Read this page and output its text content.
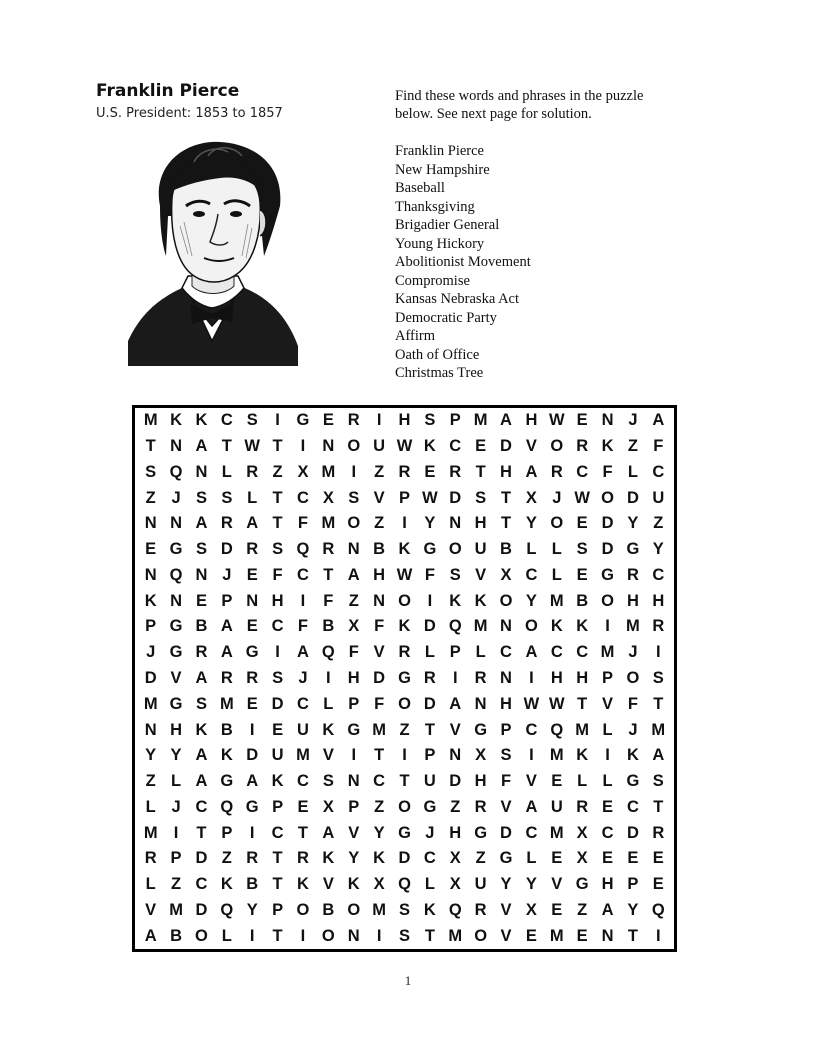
Franklin Pierce
U.S. President: 1853 to 1857
Find these words and phrases in the puzzle
below. See next page for solution.
Franklin Pierce
New Hampshire
Baseball
Thanksgiving
Brigadier General
Young Hickory
Abolitionist Movement
Compromise
Kansas Nebraska Act
Democratic Party
Affirm
Oath of Office
Christmas Tree
M K K C S	I	G E R	I	H S P M A H W E N J A
T N A T W T	I	N O U W K C E D V O R K Z F
S Q N L R Z X M I	Z R E R T H A R C F L C
Z J S S L T C X S V P W D S T X J W O D U
N N A R A T F M O Z	I	Y N H T Y O E D Y Z
E G S D R S Q R N B K G O U B L L S D G Y
N Q N J E F C T A H W F S V X C L E G R C
K N E P N H	I	F Z N O	I	K K O Y M B O H H
P G B A E C F B X F K D Q M N O K K	I M R
J G R A G	I	A Q F V R L P L C A C C M J	I
D V A R R S J	I	H D G R	I	R N	I	H H P O S
M G S M E D C L P F O D A N H W W T V F T
N H K B	I	E U K G M Z T V G P C Q M L J M
Y Y A K D U M V	I	T	I	P N X S	I M K	I	K A
Z L A G A K C S N C T U D H F V E L L G S
L J C Q G P E X P Z O G Z R V A U R E C T
M I	T P	I	C T A V Y G J H G D C M X C D R
R P D Z R T R K Y K D C X Z G L E X E E E
L Z C K B T K V K X Q L X U Y Y V G H P E
V M D Q Y P O B O M S K Q R V X E Z A Y Q
A B O L	I	T	I	O N	I	S T M O V E M E N T	I
1
